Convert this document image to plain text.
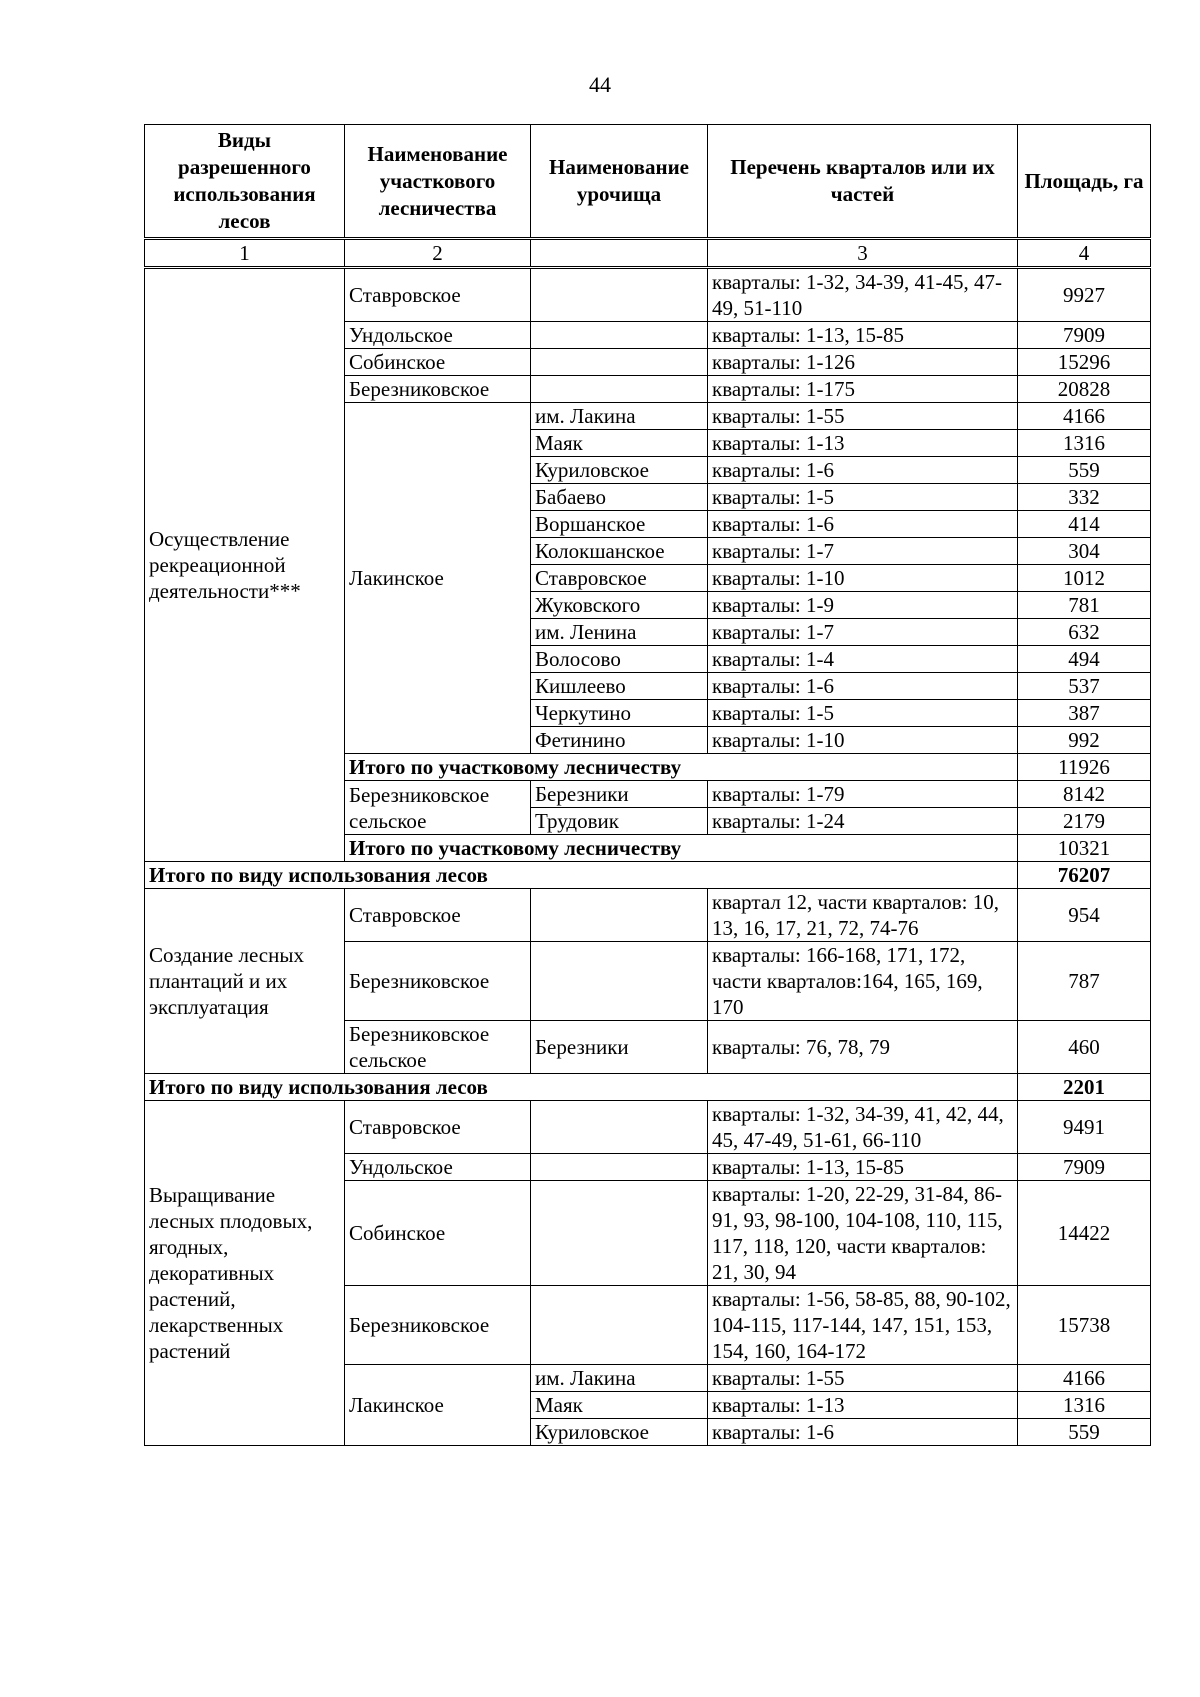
44
Виды разрешенного использования лесов	Наименование участкового лесничества	Наименование урочища	Перечень кварталов или их частей	Площадь, га
1	2		3	4
Осуществление рекреационной деятельности***	Ставровское		кварталы: 1-32, 34-39, 41-45, 47-49, 51-110	9927
	Ундольское		кварталы: 1-13, 15-85	7909
	Собинское		кварталы: 1-126	15296
	Березниковское		кварталы: 1-175	20828
	Лакинское	им. Лакина	кварталы: 1-55	4166
		Маяк	кварталы: 1-13	1316
		Куриловское	кварталы: 1-6	559
		Бабаево	кварталы: 1-5	332
		Воршанское	кварталы: 1-6	414
		Колокшанское	кварталы: 1-7	304
		Ставровское	кварталы: 1-10	1012
		Жуковского	кварталы: 1-9	781
		им. Ленина	кварталы: 1-7	632
		Волосово	кварталы: 1-4	494
		Кишлеево	кварталы: 1-6	537
		Черкутино	кварталы: 1-5	387
		Фетинино	кварталы: 1-10	992
	Итого по участковому лесничеству			11926
	Березниковское сельское	Березники	кварталы: 1-79	8142
		Трудовик	кварталы: 1-24	2179
	Итого по участковому лесничеству			10321
Итого по виду использования лесов				76207
Создание лесных плантаций и их эксплуатация	Ставровское		квартал 12, части кварталов: 10, 13, 16, 17, 21, 72, 74-76	954
	Березниковское		кварталы: 166-168, 171, 172, части кварталов:164, 165, 169, 170	787
	Березниковское сельское	Березники	кварталы: 76, 78, 79	460
Итого по виду использования лесов				2201
Выращивание лесных плодовых, ягодных, декоративных растений, лекарственных растений	Ставровское		кварталы: 1-32, 34-39, 41, 42, 44, 45, 47-49, 51-61, 66-110	9491
	Ундольское		кварталы: 1-13, 15-85	7909
	Собинское		кварталы: 1-20, 22-29, 31-84, 86-91, 93, 98-100, 104-108, 110, 115, 117, 118, 120, части кварталов: 21, 30, 94	14422
	Березниковское		кварталы: 1-56, 58-85, 88, 90-102, 104-115, 117-144, 147, 151, 153, 154, 160, 164-172	15738
	Лакинское	им. Лакина	кварталы: 1-55	4166
		Маяк	кварталы: 1-13	1316
		Куриловское	кварталы: 1-6	559
